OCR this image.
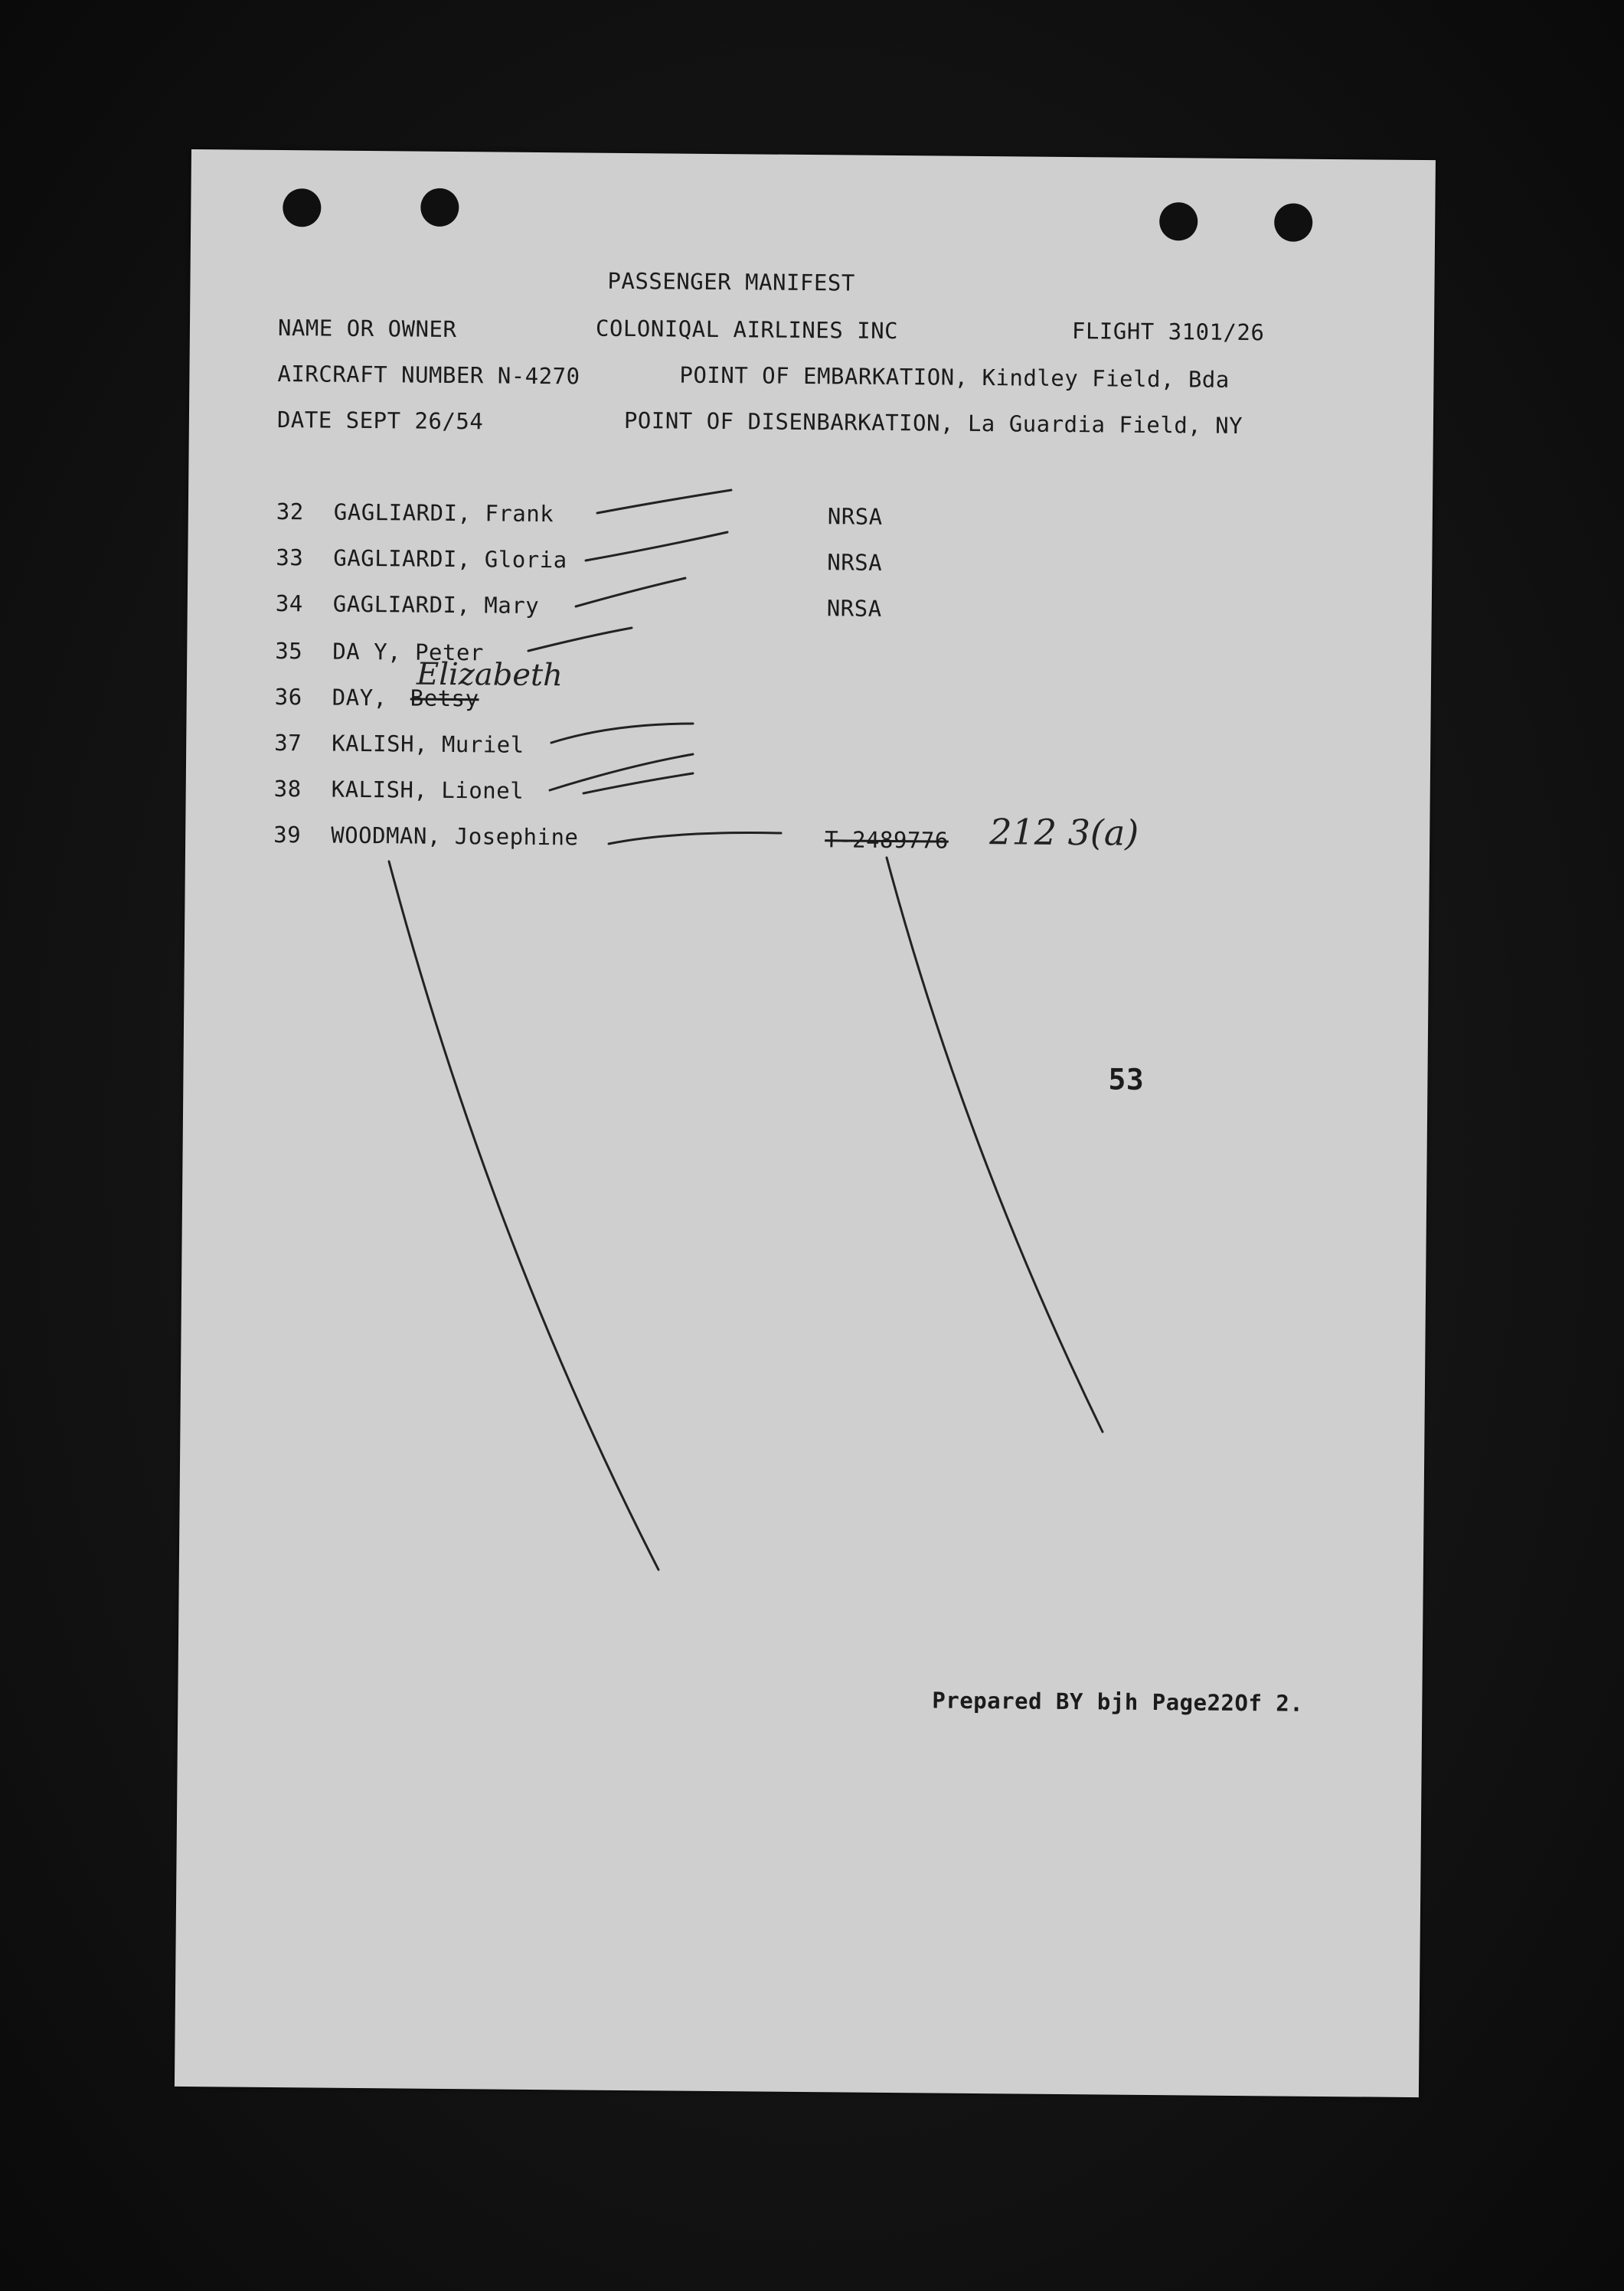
PASSENGER MANIFEST
NAME OR OWNER	COLONIQAL AIRLINES INC	FLIGHT 3101/26
AIRCRAFT NUMBER N-4270	POINT OF EMBARKATION, Kindley Field, Bda
DATE SEPT 26/54	POINT OF DISENBARKATION, La Guardia Field, NY
32 GAGLIARDI, Frank	NRSA
33 GAGLIARDI, Gloria	NRSA
34 GAGLIARDI, Mary	NRSA
35 DA Y, Peter
36 DAY, Betsy
Elizabeth
37 KALISH, Muriel
38 KALISH, Lionel
39 WOODMAN, Josephine	T-2489776 212 3(a)
53
Prepared BY bjh Page22Of 2.
